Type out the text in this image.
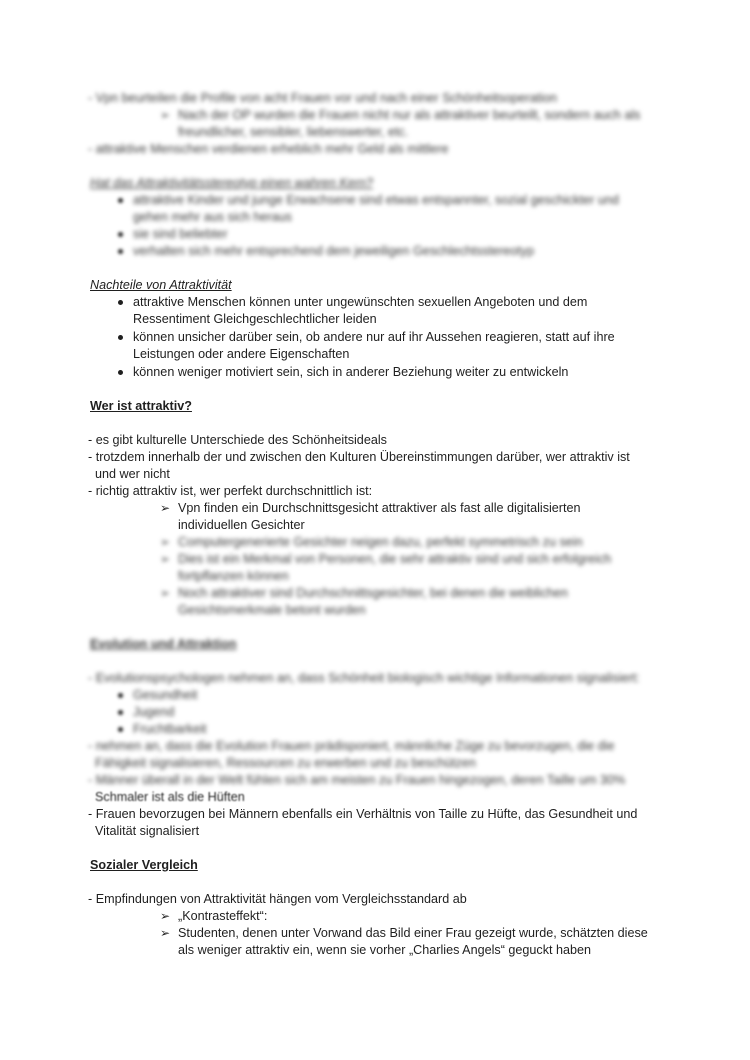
- Vpn beurteilen die Profile von acht Frauen vor und nach einer Schönheitsoperation
➢ Nach der OP wurden die Frauen nicht nur als attraktiver beurteilt, sondern auch als
freundlicher, sensibler, liebenswerter, etc.
- attraktive Menschen verdienen erheblich mehr Geld als mittlere
Hat das Attraktivitätsstereotyp einen wahren Kern?
attraktive Kinder und junge Erwachsene sind etwas entspannter, sozial geschickter und
gehen mehr aus sich heraus
sie sind beliebter
verhalten sich mehr entsprechend dem jeweiligen Geschlechtsstereotyp
Nachteile von Attraktivität
attraktive Menschen können unter ungewünschten sexuellen Angeboten und dem
Ressentiment Gleichgeschlechtlicher leiden
können unsicher darüber sein, ob andere nur auf ihr Aussehen reagieren, statt auf ihre
Leistungen oder andere Eigenschaften
können weniger motiviert sein, sich in anderer Beziehung weiter zu entwickeln
Wer ist attraktiv?
- es gibt kulturelle Unterschiede des Schönheitsideals
- trotzdem innerhalb der und zwischen den Kulturen Übereinstimmungen darüber, wer attraktiv ist
und wer nicht
- richtig attraktiv ist, wer perfekt durchschnittlich ist:
➢ Vpn finden ein Durchschnittsgesicht attraktiver als fast alle digitalisierten
individuellen Gesichter
➢ Computergenerierte Gesichter neigen dazu, perfekt symmetrisch zu sein
➢ Dies ist ein Merkmal von Personen, die sehr attraktiv sind und sich erfolgreich
fortpflanzen können
➢ Noch attraktiver sind Durchschnittsgesichter, bei denen die weiblichen
Gesichtsmerkmale betont wurden
Evolution und Attraktion
- Evolutionspsychologen nehmen an, dass Schönheit biologisch wichtige Informationen signalisiert:
Gesundheit
Jugend
Fruchtbarkeit
- nehmen an, dass die Evolution Frauen prädisponiert, männliche Züge zu bevorzugen, die die
Fähigkeit signalisieren, Ressourcen zu erwerben und zu beschützen
- Männer überall in der Welt fühlen sich am meisten zu Frauen hingezogen, deren Taille um 30%
Schmaler ist als die Hüften
- Frauen bevorzugen bei Männern ebenfalls ein Verhältnis von Taille zu Hüfte, das Gesundheit und
Vitalität signalisiert
Sozialer Vergleich
- Empfindungen von Attraktivität hängen vom Vergleichsstandard ab
➢ „Kontrasteffekt“:
➢ Studenten, denen unter Vorwand das Bild einer Frau gezeigt wurde, schätzten diese
als weniger attraktiv ein, wenn sie vorher „Charlies Angels“ geguckt haben
